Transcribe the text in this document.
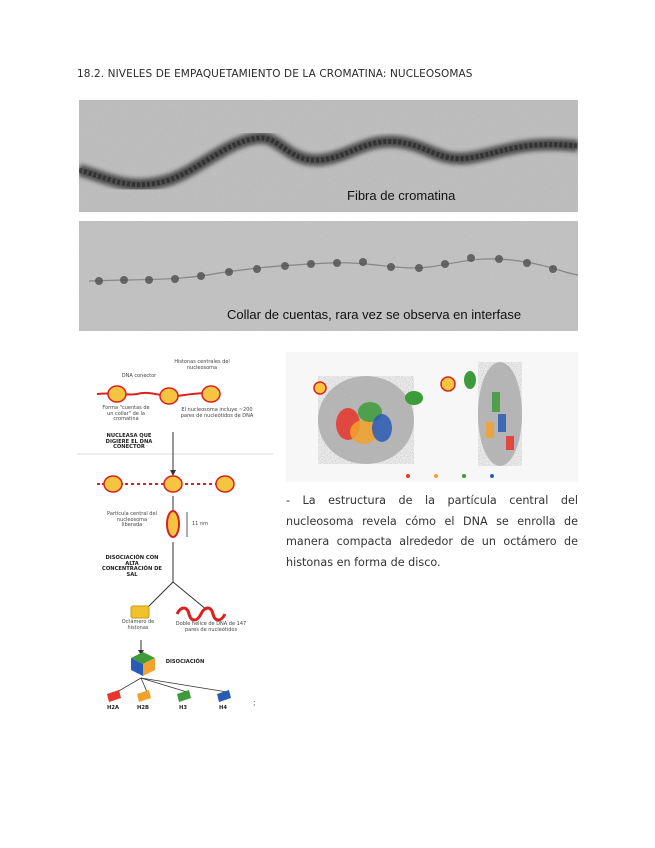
18.2. NIVELES DE EMPAQUETAMIENTO DE LA CROMATINA: NUCLEOSOMAS
Fibra de cromatina
Collar de cuentas, rara vez se observa en interfase
DNA conector
Histonas centrales del nucleosoma
Forma "cuentas de un collar" de la cromatina
El nucleosoma incluye ~200 pares de nucleótidos de DNA
NUCLEASA QUE DIGIERE EL DNA CONECTOR
Partícula central del nucleosoma liberada	11 nm
DISOCIACIÓN CON ALTA CONCENTRACIÓN DE SAL
Octámero de histonas
Doble hélice de DNA de 147 pares de nucleótidos
DISOCIACIÓN
H2A	H2B	H3	H4
;
- La estructura de la partícula central del nucleosoma revela cómo el DNA se enrolla de manera compacta alrededor de un octámero de histonas en forma de disco.
